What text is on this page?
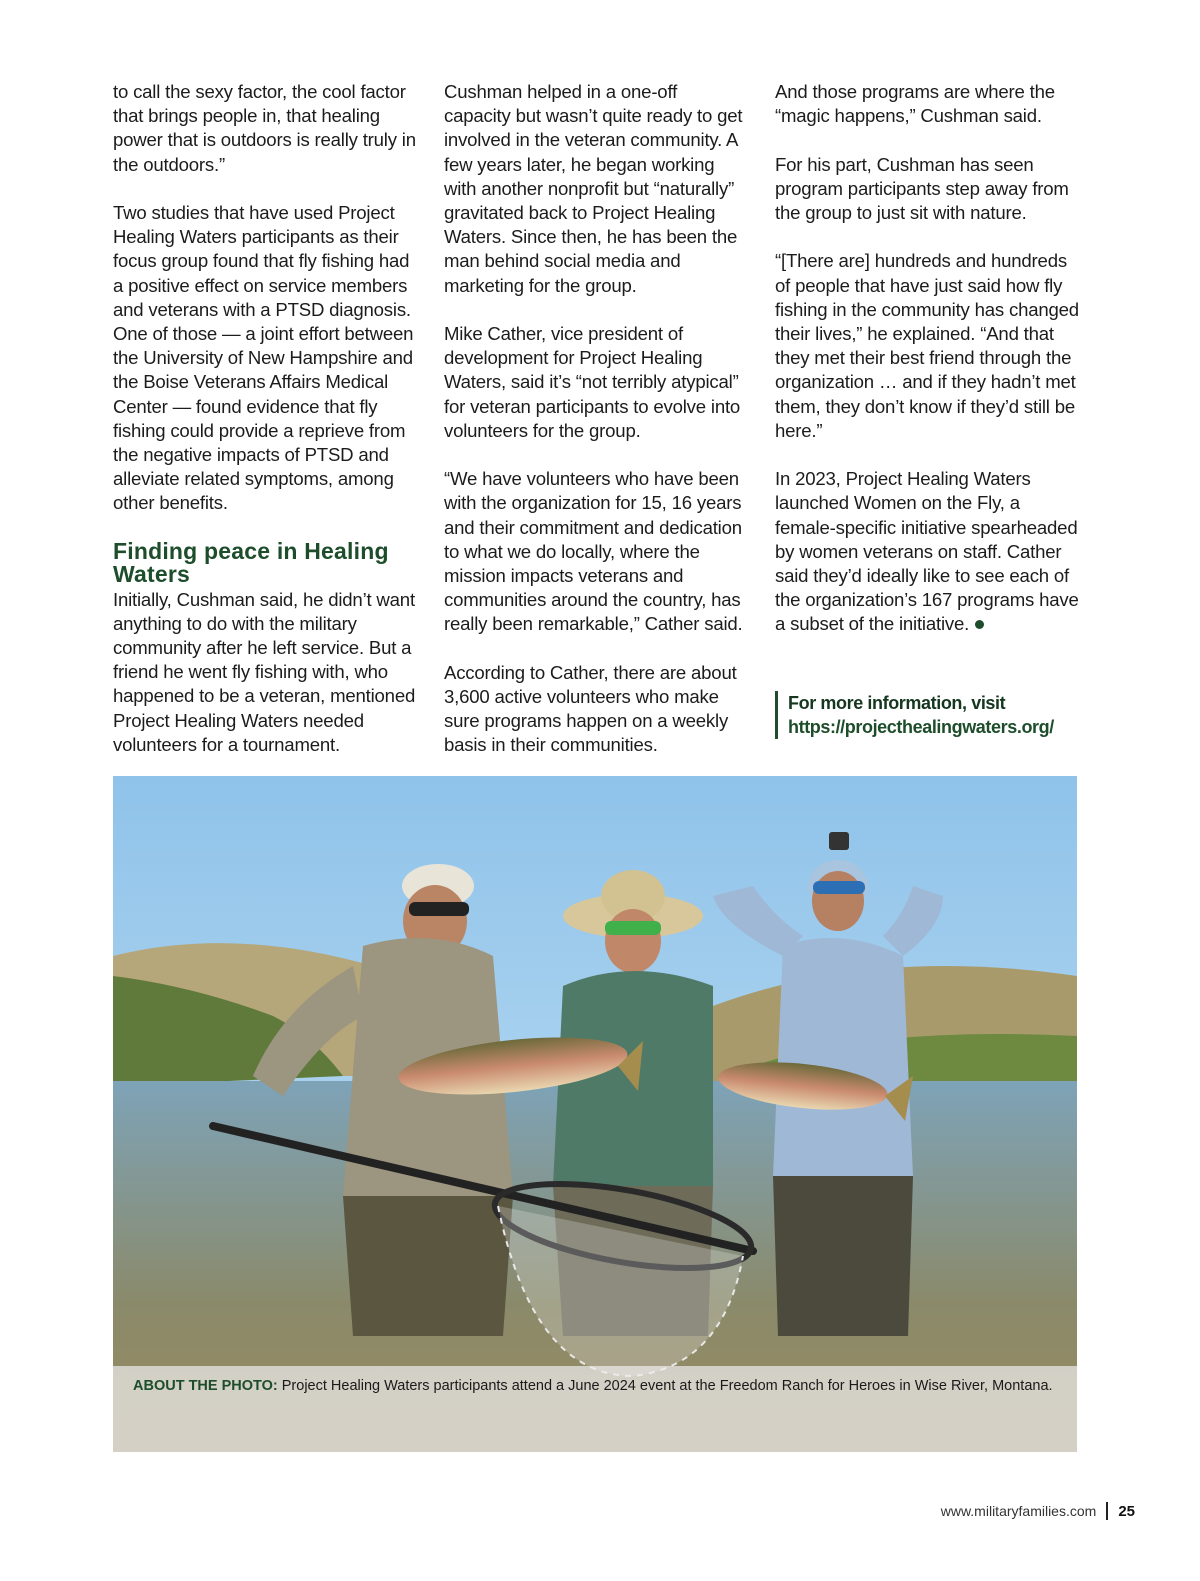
to call the sexy factor, the cool factor that brings people in, that healing power that is outdoors is really truly in the outdoors.”

Two studies that have used Project Healing Waters participants as their focus group found that fly fishing had a positive effect on service members and veterans with a PTSD diagnosis. One of those — a joint effort between the University of New Hampshire and the Boise Veterans Affairs Medical Center — found evidence that fly fishing could provide a reprieve from the negative impacts of PTSD and alleviate related symptoms, among other benefits.

Finding peace in Healing Waters

Initially, Cushman said, he didn’t want anything to do with the military community after he left service. But a friend he went fly fishing with, who happened to be a veteran, mentioned Project Healing Waters needed volunteers for a tournament.

Cushman helped in a one-off capacity but wasn’t quite ready to get involved in the veteran community. A few years later, he began working with another nonprofit but “naturally” gravitated back to Project Healing Waters. Since then, he has been the man behind social media and marketing for the group.

Mike Cather, vice president of development for Project Healing Waters, said it’s “not terribly atypical” for veteran participants to evolve into volunteers for the group.

“We have volunteers who have been with the organization for 15, 16 years and their commitment and dedication to what we do locally, where the mission impacts veterans and communities around the country, has really been remarkable,” Cather said.

According to Cather, there are about 3,600 active volunteers who make sure programs happen on a weekly basis in their communities.

And those programs are where the “magic happens,” Cushman said.

For his part, Cushman has seen program participants step away from the group to just sit with nature.

“[There are] hundreds and hundreds of people that have just said how fly fishing in the community has changed their lives,” he explained. “And that they met their best friend through the organization … and if they hadn’t met them, they don’t know if they’d still be here.”

In 2023, Project Healing Waters launched Women on the Fly, a female-specific initiative spearheaded by women veterans on staff. Cather said they’d ideally like to see each of the organization’s 167 programs have a subset of the initiative.

For more information, visit https://projecthealingwaters.org/
ABOUT THE PHOTO: Project Healing Waters participants attend a June 2024 event at the Freedom Ranch for Heroes in Wise River, Montana.
www.militaryfamilies.com 25
